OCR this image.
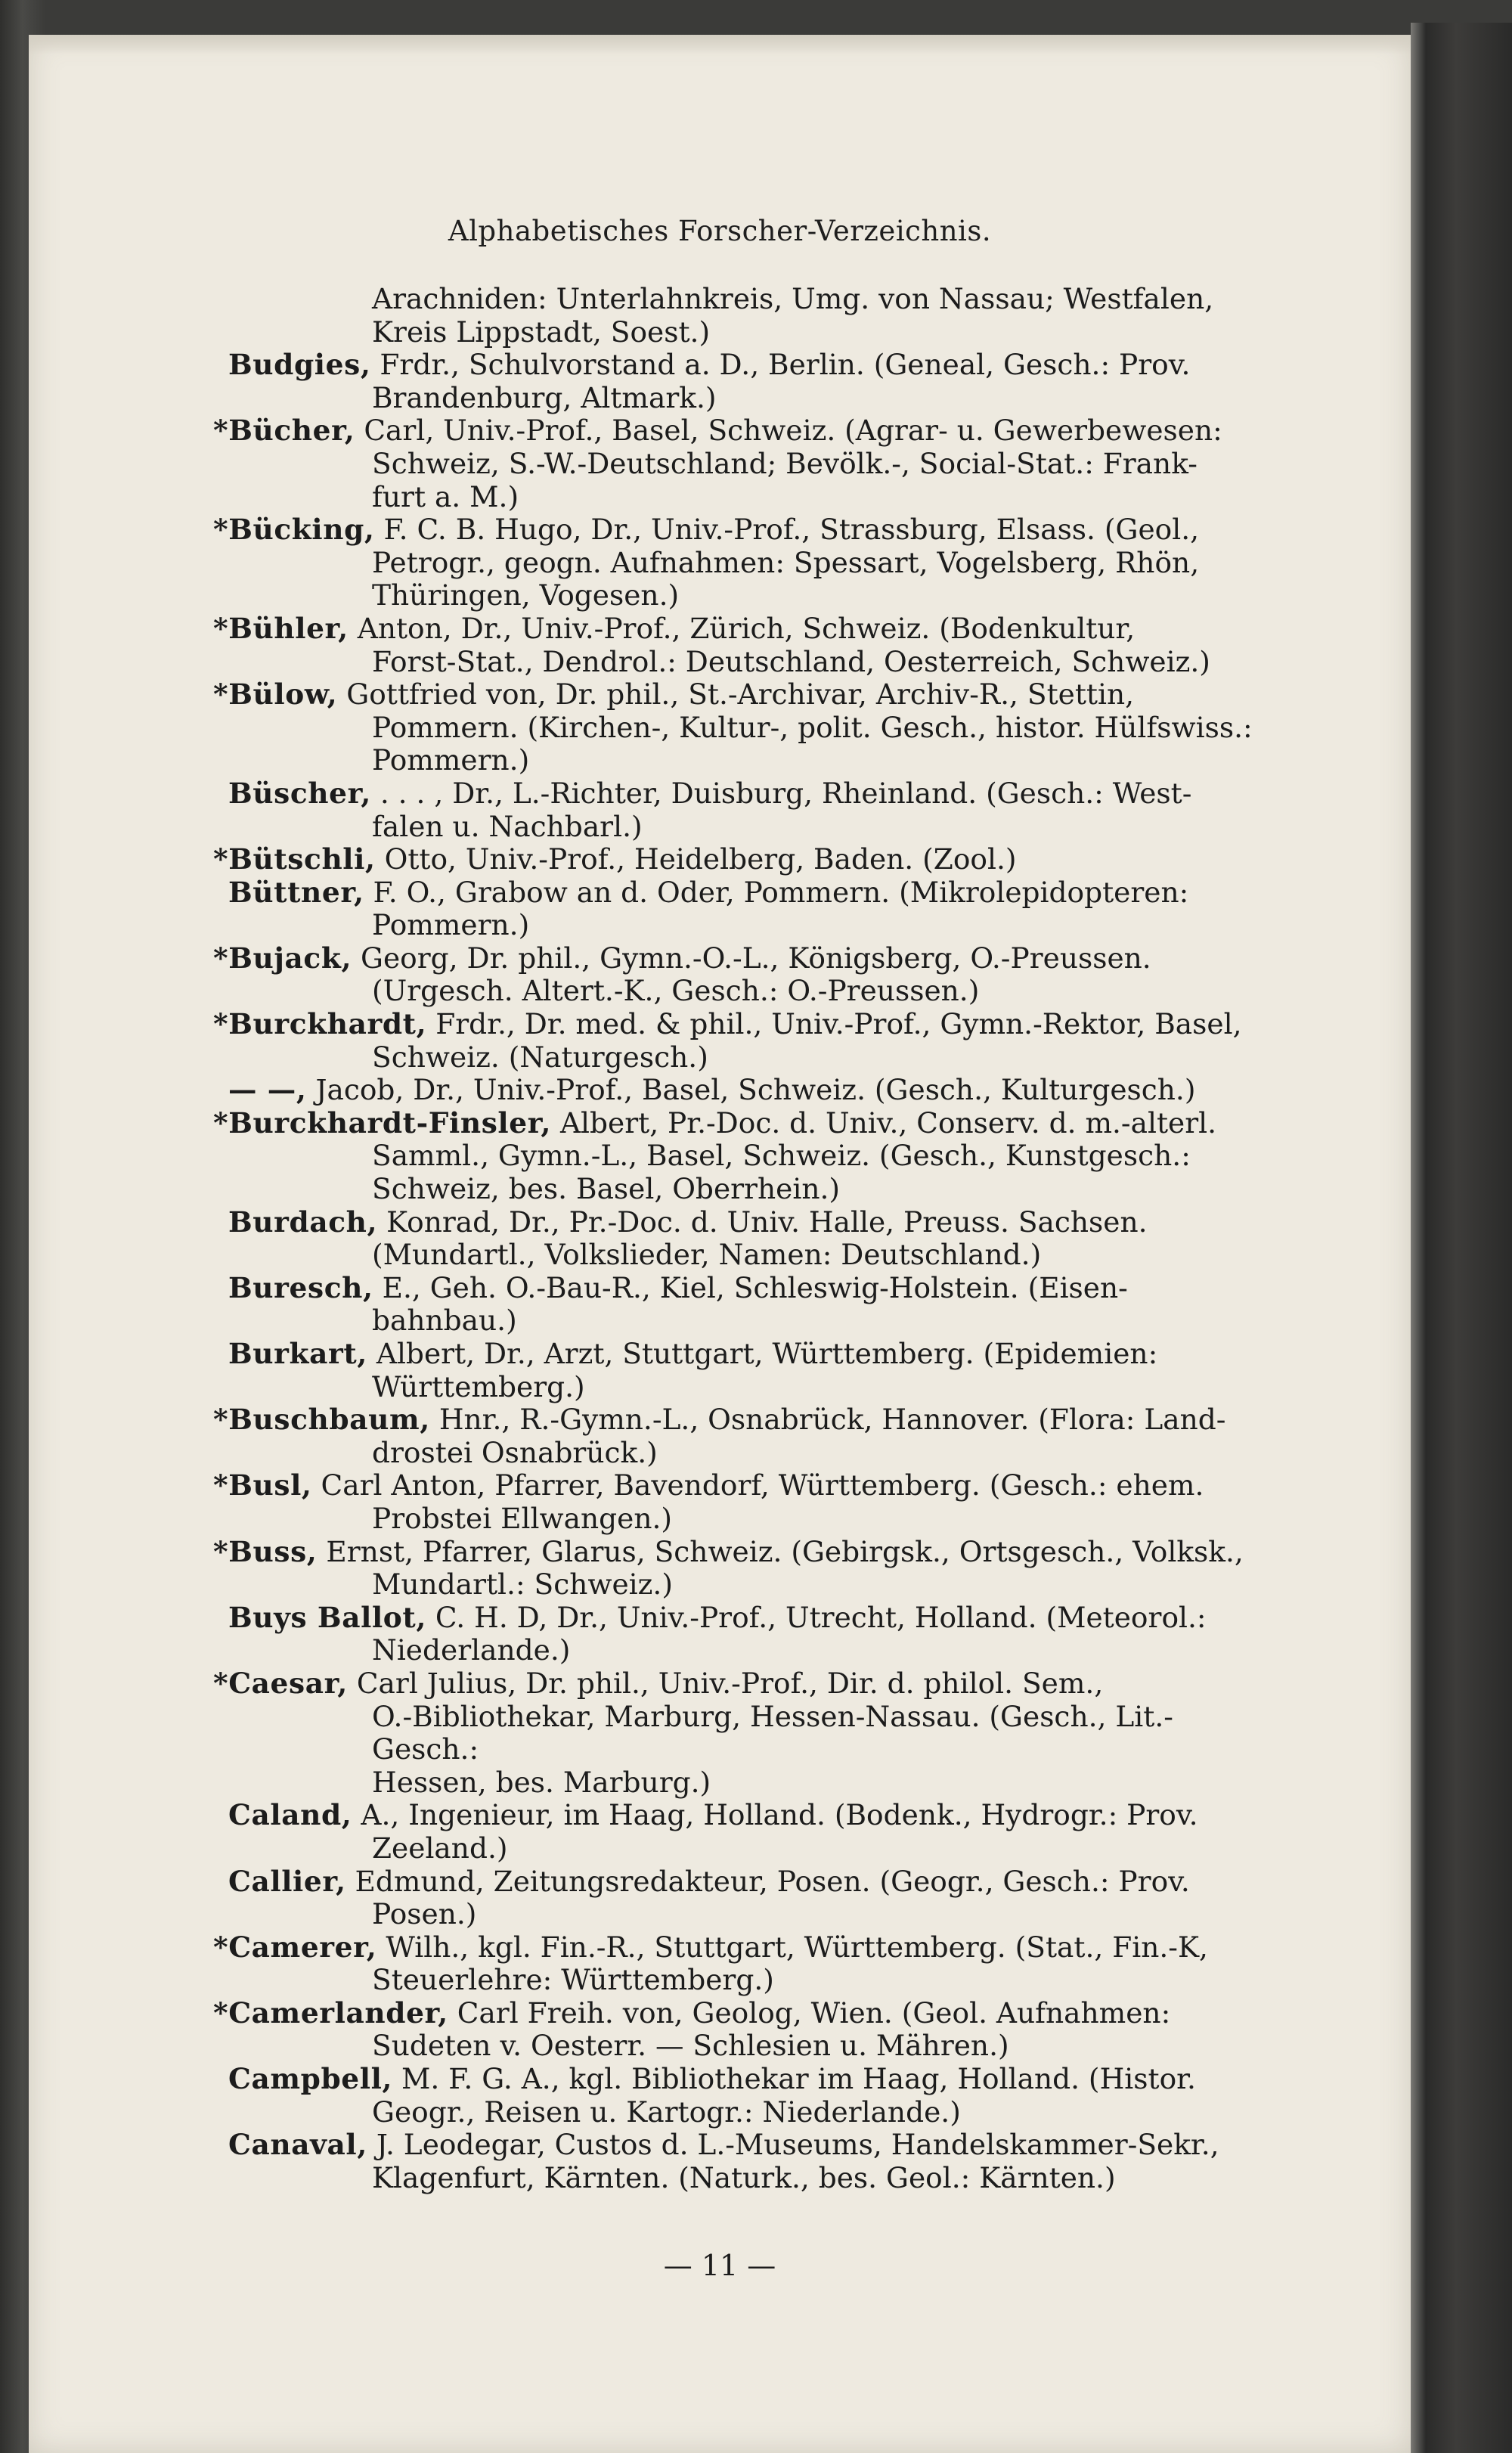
Alphabetisches Forscher-Verzeichnis.
Arachniden: Unterlahnkreis, Umg. von Nassau; Westfalen,
Kreis Lippstadt, Soest.)
Budgies, Frdr., Schulvorstand a. D., Berlin. (Geneal, Gesch.: Prov.
Brandenburg, Altmark.)
*Bücher, Carl, Univ.-Prof., Basel, Schweiz. (Agrar- u. Gewerbewesen:
Schweiz, S.-W.-Deutschland; Bevölk.-, Social-Stat.: Frank-
furt a. M.)
*Bücking, F. C. B. Hugo, Dr., Univ.-Prof., Strassburg, Elsass. (Geol.,
Petrogr., geogn. Aufnahmen: Spessart, Vogelsberg, Rhön,
Thüringen, Vogesen.)
*Bühler, Anton, Dr., Univ.-Prof., Zürich, Schweiz. (Bodenkultur,
Forst-Stat., Dendrol.: Deutschland, Oesterreich, Schweiz.)
*Bülow, Gottfried von, Dr. phil., St.-Archivar, Archiv-R., Stettin,
Pommern. (Kirchen-, Kultur-, polit. Gesch., histor. Hülfswiss.:
Pommern.)
Büscher, . . . , Dr., L.-Richter, Duisburg, Rheinland. (Gesch.: West-
falen u. Nachbarl.)
*Bütschli, Otto, Univ.-Prof., Heidelberg, Baden. (Zool.)
Büttner, F. O., Grabow an d. Oder, Pommern. (Mikrolepidopteren:
Pommern.)
*Bujack, Georg, Dr. phil., Gymn.-O.-L., Königsberg, O.-Preussen.
(Urgesch. Altert.-K., Gesch.: O.-Preussen.)
*Burckhardt, Frdr., Dr. med. & phil., Univ.-Prof., Gymn.-Rektor, Basel,
Schweiz. (Naturgesch.)
— —, Jacob, Dr., Univ.-Prof., Basel, Schweiz. (Gesch., Kulturgesch.)
*Burckhardt-Finsler, Albert, Pr.-Doc. d. Univ., Conserv. d. m.-alterl.
Samml., Gymn.-L., Basel, Schweiz. (Gesch., Kunstgesch.:
Schweiz, bes. Basel, Oberrhein.)
Burdach, Konrad, Dr., Pr.-Doc. d. Univ. Halle, Preuss. Sachsen.
(Mundartl., Volkslieder, Namen: Deutschland.)
Buresch, E., Geh. O.-Bau-R., Kiel, Schleswig-Holstein. (Eisen-
bahnbau.)
Burkart, Albert, Dr., Arzt, Stuttgart, Württemberg. (Epidemien:
Württemberg.)
*Buschbaum, Hnr., R.-Gymn.-L., Osnabrück, Hannover. (Flora: Land-
drostei Osnabrück.)
*Busl, Carl Anton, Pfarrer, Bavendorf, Württemberg. (Gesch.: ehem.
Probstei Ellwangen.)
*Buss, Ernst, Pfarrer, Glarus, Schweiz. (Gebirgsk., Ortsgesch., Volksk.,
Mundartl.: Schweiz.)
Buys Ballot, C. H. D, Dr., Univ.-Prof., Utrecht, Holland. (Meteorol.:
Niederlande.)
*Caesar, Carl Julius, Dr. phil., Univ.-Prof., Dir. d. philol. Sem.,
O.-Bibliothekar, Marburg, Hessen-Nassau. (Gesch., Lit.-Gesch.:
Hessen, bes. Marburg.)
Caland, A., Ingenieur, im Haag, Holland. (Bodenk., Hydrogr.: Prov.
Zeeland.)
Callier, Edmund, Zeitungsredakteur, Posen. (Geogr., Gesch.: Prov.
Posen.)
*Camerer, Wilh., kgl. Fin.-R., Stuttgart, Württemberg. (Stat., Fin.-K,
Steuerlehre: Württemberg.)
*Camerlander, Carl Freih. von, Geolog, Wien. (Geol. Aufnahmen:
Sudeten v. Oesterr. — Schlesien u. Mähren.)
Campbell, M. F. G. A., kgl. Bibliothekar im Haag, Holland. (Histor.
Geogr., Reisen u. Kartogr.: Niederlande.)
Canaval, J. Leodegar, Custos d. L.-Museums, Handelskammer-Sekr.,
Klagenfurt, Kärnten. (Naturk., bes. Geol.: Kärnten.)
— 11 —
